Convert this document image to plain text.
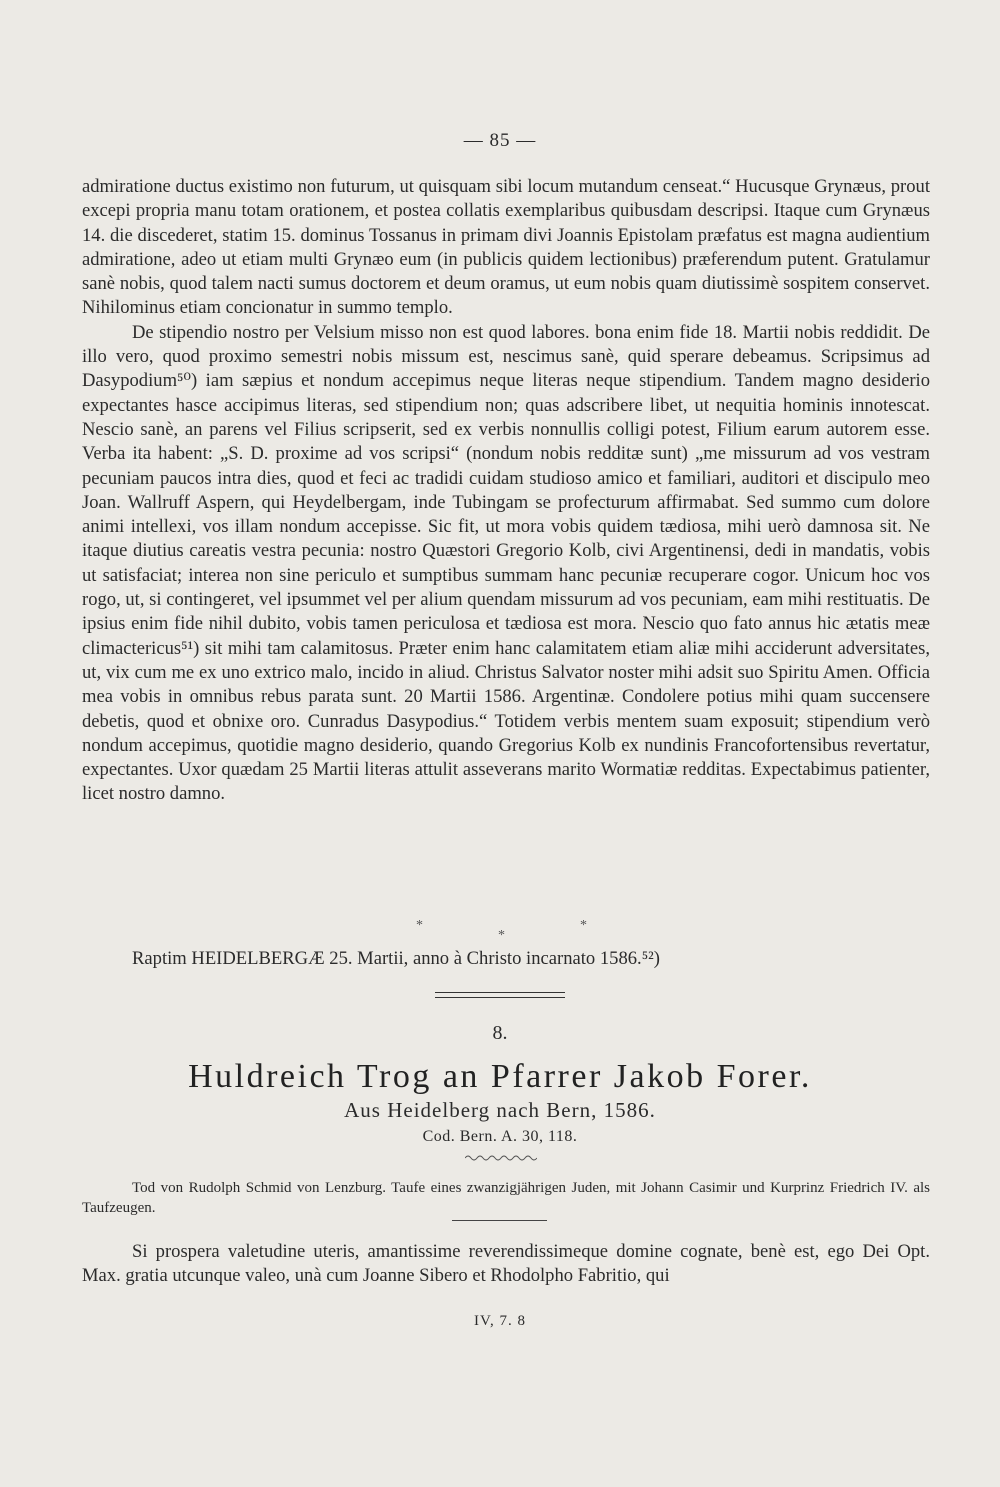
— 85 —

admiratione ductus existimo non futurum, ut quisquam sibi locum mutandum censeat.“ Hucusque Grynæus, prout excepi propria manu totam orationem, et postea collatis exemplaribus quibusdam descripsi. Itaque cum Grynæus 14. die discederet, statim 15. dominus Tossanus in primam divi Joannis Epistolam præfatus est magna audientium admiratione, adeo ut etiam multi Grynæo eum (in publicis quidem lectionibus) præferendum putent. Gratulamur sanè nobis, quod talem nacti sumus doctorem et deum oramus, ut eum nobis quam diutissimè sospitem conservet. Nihilominus etiam concionatur in summo templo.

De stipendio nostro per Velsium misso non est quod labores. bona enim fide 18. Martii nobis reddidit. De illo vero, quod proximo semestri nobis missum est, nescimus sanè, quid sperare debeamus. Scripsimus ad Dasypodium⁵⁰) iam sæpius et nondum accepimus neque literas neque stipendium. Tandem magno desiderio expectantes hasce accipimus literas, sed stipendium non; quas adscribere libet, ut nequitia hominis innotescat. Nescio sanè, an parens vel Filius scripserit, sed ex verbis nonnullis colligi potest, Filium earum autorem esse. Verba ita habent: „S. D. proxime ad vos scripsi“ (nondum nobis redditæ sunt) „me missurum ad vos vestram pecuniam paucos intra dies, quod et feci ac tradidi cuidam studioso amico et familiari, auditori et discipulo meo Joan. Wallruff Aspern, qui Heydelbergam, inde Tubingam se profecturum affirmabat. Sed summo cum dolore animi intellexi, vos illam nondum accepisse. Sic fit, ut mora vobis quidem tædiosa, mihi uerò damnosa sit. Ne itaque diutius careatis vestra pecunia: nostro Quæstori Gregorio Kolb, civi Argentinensi, dedi in mandatis, vobis ut satisfaciat; interea non sine periculo et sumptibus summam hanc pecuniæ recuperare cogor. Unicum hoc vos rogo, ut, si contingeret, vel ipsummet vel per alium quendam missurum ad vos pecuniam, eam mihi restituatis. De ipsius enim fide nihil dubito, vobis tamen periculosa et tædiosa est mora. Nescio quo fato annus hic ætatis meæ climactericus⁵¹) sit mihi tam calamitosus. Præter enim hanc calamitatem etiam aliæ mihi acciderunt adversitates, ut, vix cum me ex uno extrico malo, incido in aliud. Christus Salvator noster mihi adsit suo Spiritu Amen. Officia mea vobis in omnibus rebus parata sunt. 20 Martii 1586. Argentinæ. Condolere potius mihi quam succensere debetis, quod et obnixe oro. Cunradus Dasypodius.“ Totidem verbis mentem suam exposuit; stipendium verò nondum accepimus, quotidie magno desiderio, quando Gregorius Kolb ex nundinis Francofortensibus revertatur, expectantes. Uxor quædam 25 Martii literas attulit asseverans marito Wormatiæ redditas. Expectabimus patienter, licet nostro damno.

*
*
*
Raptim HEIDELBERGÆ 25. Martii, anno à Christo incarnato 1586.⁵²)
8.
Huldreich Trog an Pfarrer Jakob Forer.
Aus Heidelberg nach Bern, 1586.
Cod. Bern. A. 30, 118.

Tod von Rudolph Schmid von Lenzburg. Taufe eines zwanzigjährigen Juden, mit Johann Casimir und Kurprinz Friedrich IV. als Taufzeugen.

Si prospera valetudine uteris, amantissime reverendissimeque domine cognate, benè est, ego Dei Opt. Max. gratia utcunque valeo, unà cum Joanne Sibero et Rhodolpho Fabritio, qui

IV, 7. 8
